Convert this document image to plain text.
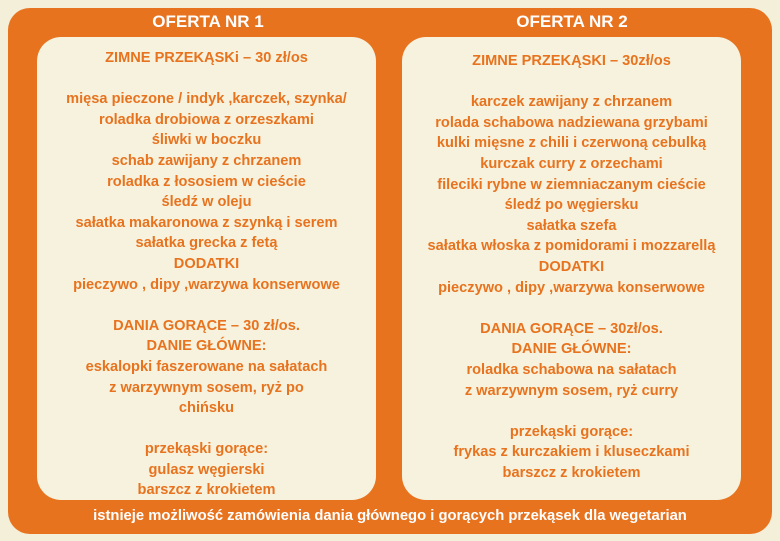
OFERTA NR 1	OFERTA NR 2
ZIMNE PRZEKĄSKi – 30 zł/os
mięsa pieczone / indyk ,karczek, szynka/
roladka drobiowa z orzeszkami
śliwki w boczku
schab zawijany z chrzanem
roladka z łososiem w cieście
śledź w oleju
sałatka makaronowa z szynką i serem
sałatka grecka z fetą
DODATKI
pieczywo , dipy ,warzywa konserwowe
DANIA GORĄCE – 30 zł/os.
DANIE GŁÓWNE:
eskalopki faszerowane na sałatach
z warzywnym sosem, ryż po
chińsku
przekąski gorące:
gulasz węgierski
barszcz z krokietem
ZIMNE PRZEKĄSKI – 30zł/os
karczek zawijany z chrzanem
rolada schabowa nadziewana grzybami
kulki mięsne z chili i czerwoną cebulką
kurczak curry z orzechami
fileciki rybne w ziemniaczanym cieście
śledź po węgiersku
sałatka szefa
sałatka włoska z pomidorami i mozzarellą
DODATKI
pieczywo , dipy ,warzywa konserwowe
DANIA GORĄCE – 30zł/os.
DANIE GŁÓWNE:
roladka schabowa na sałatach
z warzywnym sosem, ryż curry
przekąski gorące:
frykas z kurczakiem i kluseczkami
barszcz z krokietem
istnieje możliwość zamówienia dania głównego i gorących przekąsek dla wegetarian
